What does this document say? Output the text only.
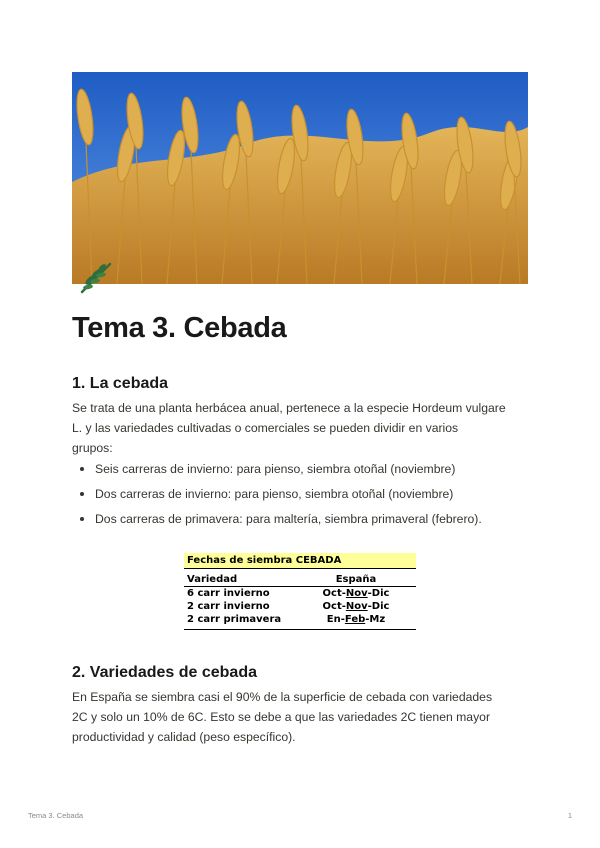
Tema 3. Cebada
1. La cebada

Se trata de una planta herbácea anual, pertenece a la especie Hordeum vulgare
L. y las variedades cultivadas o comerciales se pueden dividir en varios
grupos:

Seis carreras de invierno: para pienso, siembra otoñal (noviembre)
Dos carreras de invierno: para pienso, siembra otoñal (noviembre)
Dos carreras de primavera: para maltería, siembra primaveral (febrero).
Fechas de siembra CEBADA
Variedad	España
6 carr invierno	Oct-Nov-Dic
2 carr invierno	Oct-Nov-Dic
2 carr primavera	En-Feb-Mz
2. Variedades de cebada

En España se siembra casi el 90% de la superficie de cebada con variedades
2C y solo un 10% de 6C. Esto se debe a que las variedades 2C tienen mayor
productividad y calidad (peso específico).

Tema 3. Cebada	1
